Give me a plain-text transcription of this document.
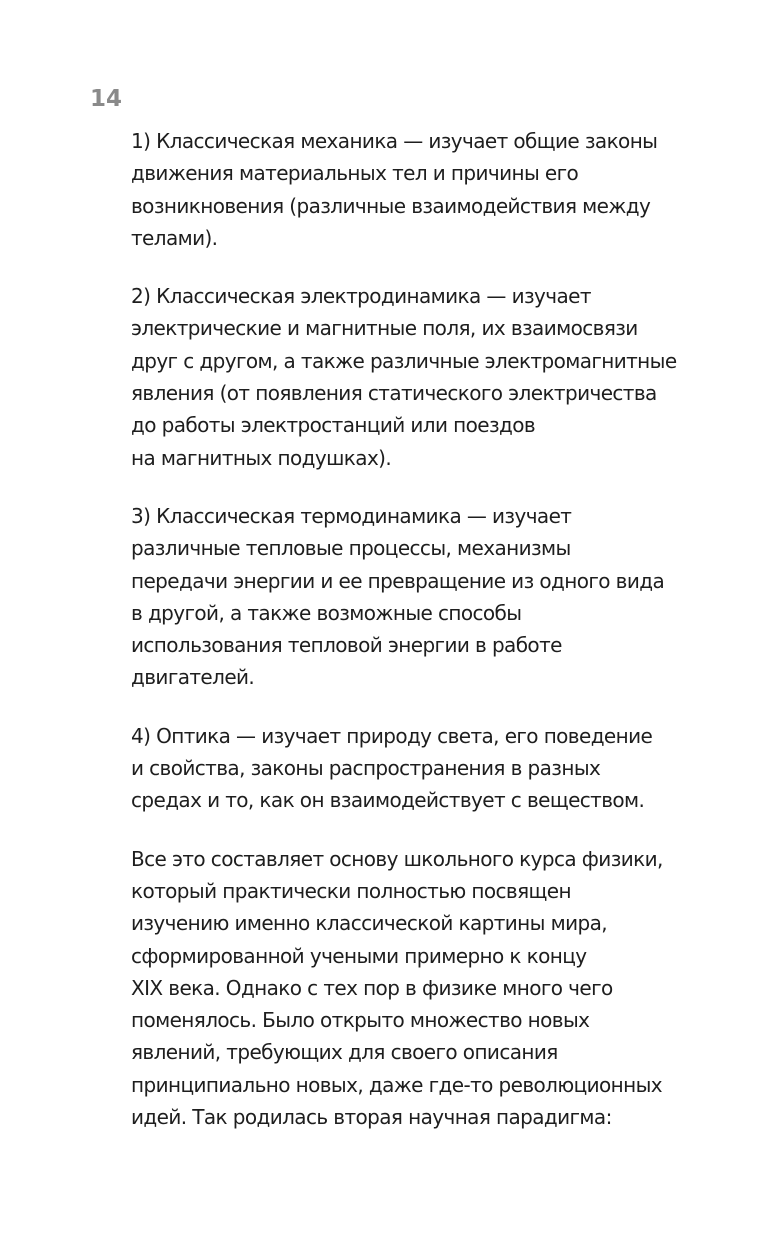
14

1) Классическая механика — изучает общие законы
движения материальных тел и причины его
возникновения (различные взаимодействия между
телами).

2) Классическая электродинамика — изучает
электрические и магнитные поля, их взаимосвязи
друг с другом, а также различные электромагнитные
явления (от появления статического электричества
до работы электростанций или поездов
на магнитных подушках).

3) Классическая термодинамика — изучает
различные тепловые процессы, механизмы
передачи энергии и ее превращение из одного вида
в другой, а также возможные способы
использования тепловой энергии в работе
двигателей.

4) Оптика — изучает природу света, его поведение
и свойства, законы распространения в разных
средах и то, как он взаимодействует с веществом.

Все это составляет основу школьного курса физики,
который практически полностью посвящен
изучению именно классической картины мира,
сформированной учеными примерно к концу
XIX века. Однако с тех пор в физике много чего
поменялось. Было открыто множество новых
явлений, требующих для своего описания
принципиально новых, даже где-то революционных
идей. Так родилась вторая научная парадигма:
